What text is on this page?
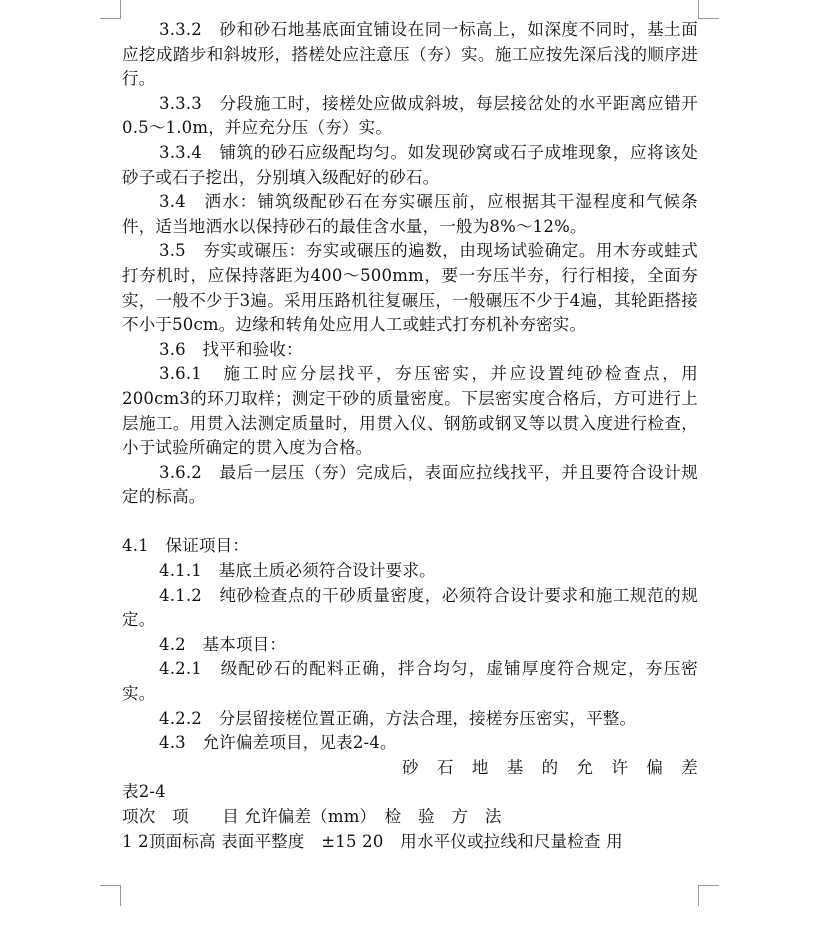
3.3.2　砂和砂石地基底面宜铺设在同一标高上，如深度不同时，基土面应挖成踏步和斜坡形，搭槎处应注意压（夯）实。施工应按先深后浅的顺序进行。

3.3.3　分段施工时，接槎处应做成斜坡，每层接岔处的水平距离应错开0.5～1.0m，并应充分压（夯）实。

3.3.4　铺筑的砂石应级配均匀。如发现砂窝或石子成堆现象，应将该处砂子或石子挖出，分别填入级配好的砂石。

3.4　洒水：铺筑级配砂石在夯实碾压前，应根据其干湿程度和气候条件，适当地洒水以保持砂石的最佳含水量，一般为8%～12%。

3.5　夯实或碾压：夯实或碾压的遍数，由现场试验确定。用木夯或蛙式打夯机时，应保持落距为400～500mm，要一夯压半夯，行行相接，全面夯实，一般不少于3遍。采用压路机往复碾压，一般碾压不少于4遍，其轮距搭接不小于50cm。边缘和转角处应用人工或蛙式打夯机补夯密实。

3.6　找平和验收：

3.6.1　施工时应分层找平，夯压密实，并应设置纯砂检查点，用200cm3的环刀取样；测定干砂的质量密度。下层密实度合格后，方可进行上层施工。用贯入法测定质量时，用贯入仪、钢筋或钢叉等以贯入度进行检查，小于试验所确定的贯入度为合格。

3.6.2　最后一层压（夯）完成后，表面应拉线找平，并且要符合设计规定的标高。

4.1　保证项目：

4.1.1　基底土质必须符合设计要求。

4.1.2　纯砂检查点的干砂质量密度，必须符合设计要求和施工规范的规定。

4.2　基本项目：

4.2.1　级配砂石的配料正确，拌合均匀，虚铺厚度符合规定，夯压密实。

4.2.2　分层留接槎位置正确，方法合理，接槎夯压密实，平整。

4.3　允许偏差项目，见表2-4。

砂石地基的允许偏差

表2-4

项次　项　　目 允许偏差（mm）　检　验　方　法

1 2顶面标高 表面平整度　±15 20　用水平仪或拉线和尺量检查 用
